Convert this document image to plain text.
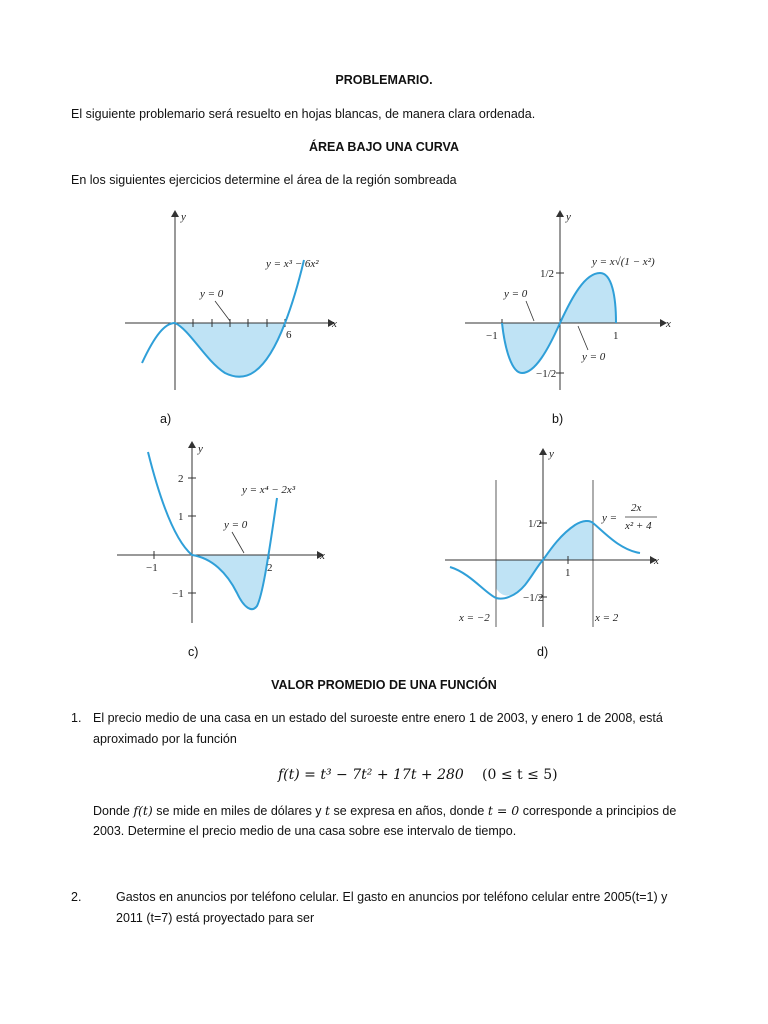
PROBLEMARIO.
El siguiente problemario será resuelto en hojas blancas, de manera clara ordenada.
ÁREA BAJO UNA CURVA
En los siguientes ejercicios determine el área de la región sombreada
x
y
y = x³ − 6x²
y = 0
6
a)
x
y
y = x√(1 − x²)
y = 0
y = 0
−1	1
1/2
−1/2
b)
x
y
y = x⁴ − 2x³
y = 0
−1	2
2
1
−1
c)
x
y
y =
2x
x² + 4
1
1/2
−1/2
x = −2	x = 2
d)
VALOR PROMEDIO DE UNA FUNCIÓN
1. El precio medio de una casa en un estado del suroeste entre enero 1 de 2003, y enero 1 de 2008, está
aproximado por la función
f(t) = t³ − 7t² + 17t + 280 (0 ≤ t ≤ 5)
Donde f(t) se mide en miles de dólares y t se expresa en años, donde t = 0 corresponde a principios de
2003. Determine el precio medio de una casa sobre ese intervalo de tiempo.
2.	Gastos en anuncios por teléfono celular. El gasto en anuncios por teléfono celular entre 2005(t=1) y
2011 (t=7) está proyectado para ser
